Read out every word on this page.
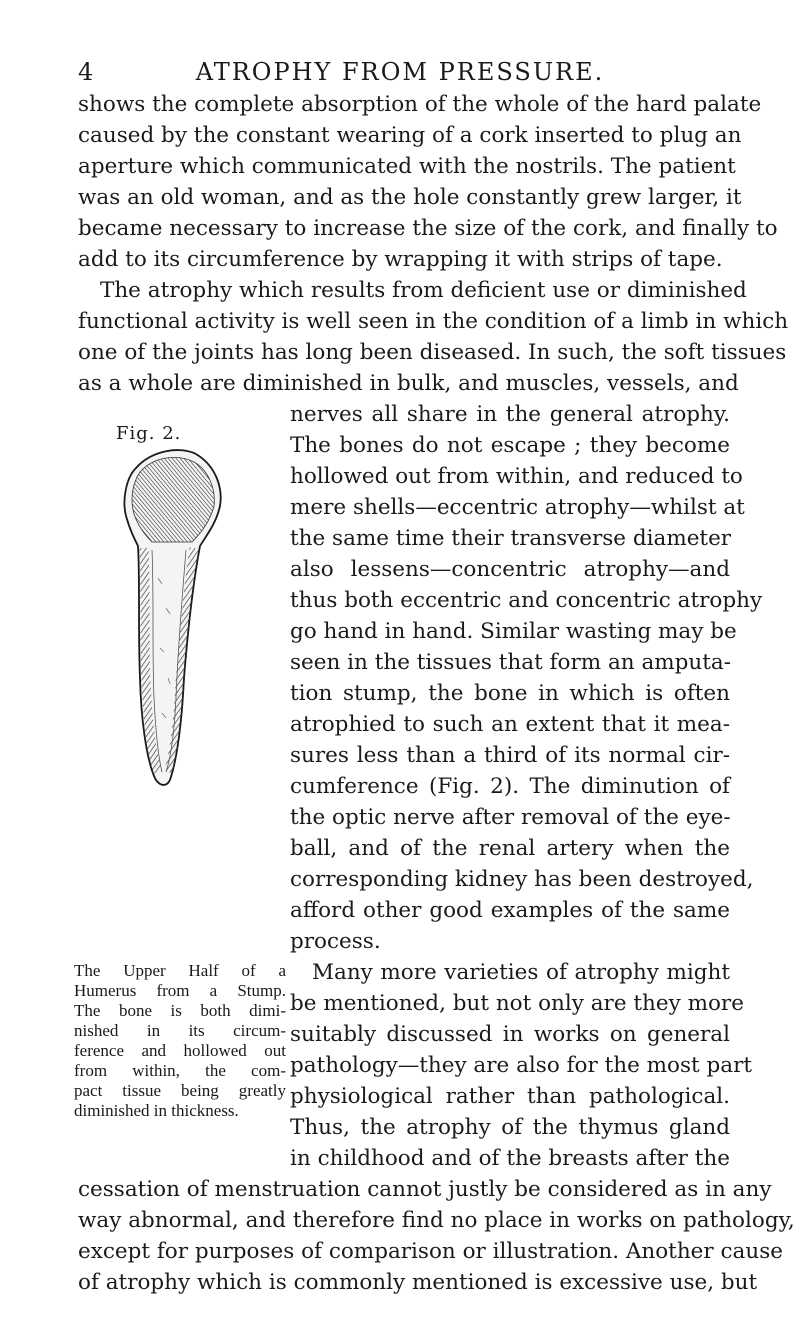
4	ATROPHY FROM PRESSURE.
shows the complete absorption of the whole of the hard palate
caused by the constant wearing of a cork inserted to plug an
aperture which communicated with the nostrils. The patient
was an old woman, and as the hole constantly grew larger, it
became necessary to increase the size of the cork, and finally to
add to its circumference by wrapping it with strips of tape.
The atrophy which results from deficient use or diminished
functional activity is well seen in the condition of a limb in which
one of the joints has long been diseased. In such, the soft tissues
as a whole are diminished in bulk, and muscles, vessels, and
nerves all share in the general atrophy.
The bones do not escape ; they become
hollowed out from within, and reduced to
mere shells—eccentric atrophy—whilst at
the same time their transverse diameter
also lessens—concentric atrophy—and
thus both eccentric and concentric atrophy
go hand in hand. Similar wasting may be
seen in the tissues that form an amputa-
tion stump, the bone in which is often
atrophied to such an extent that it mea-
sures less than a third of its normal cir-
cumference (Fig. 2). The diminution of
the optic nerve after removal of the eye-
ball, and of the renal artery when the
corresponding kidney has been destroyed,
afford other good examples of the same
process.
Many more varieties of atrophy might
be mentioned, but not only are they more
suitably discussed in works on general
pathology—they are also for the most part
physiological rather than pathological.
Thus, the atrophy of the thymus gland
in childhood and of the breasts after the
cessation of menstruation cannot justly be considered as in any
way abnormal, and therefore find no place in works on pathology,
except for purposes of comparison or illustration. Another cause
of atrophy which is commonly mentioned is excessive use, but
Fig. 2.
The Upper Half of a
Humerus from a Stump.
The bone is both dimi-
nished in its circum-
ference and hollowed out
from within, the com-
pact tissue being greatly
diminished in thickness.
